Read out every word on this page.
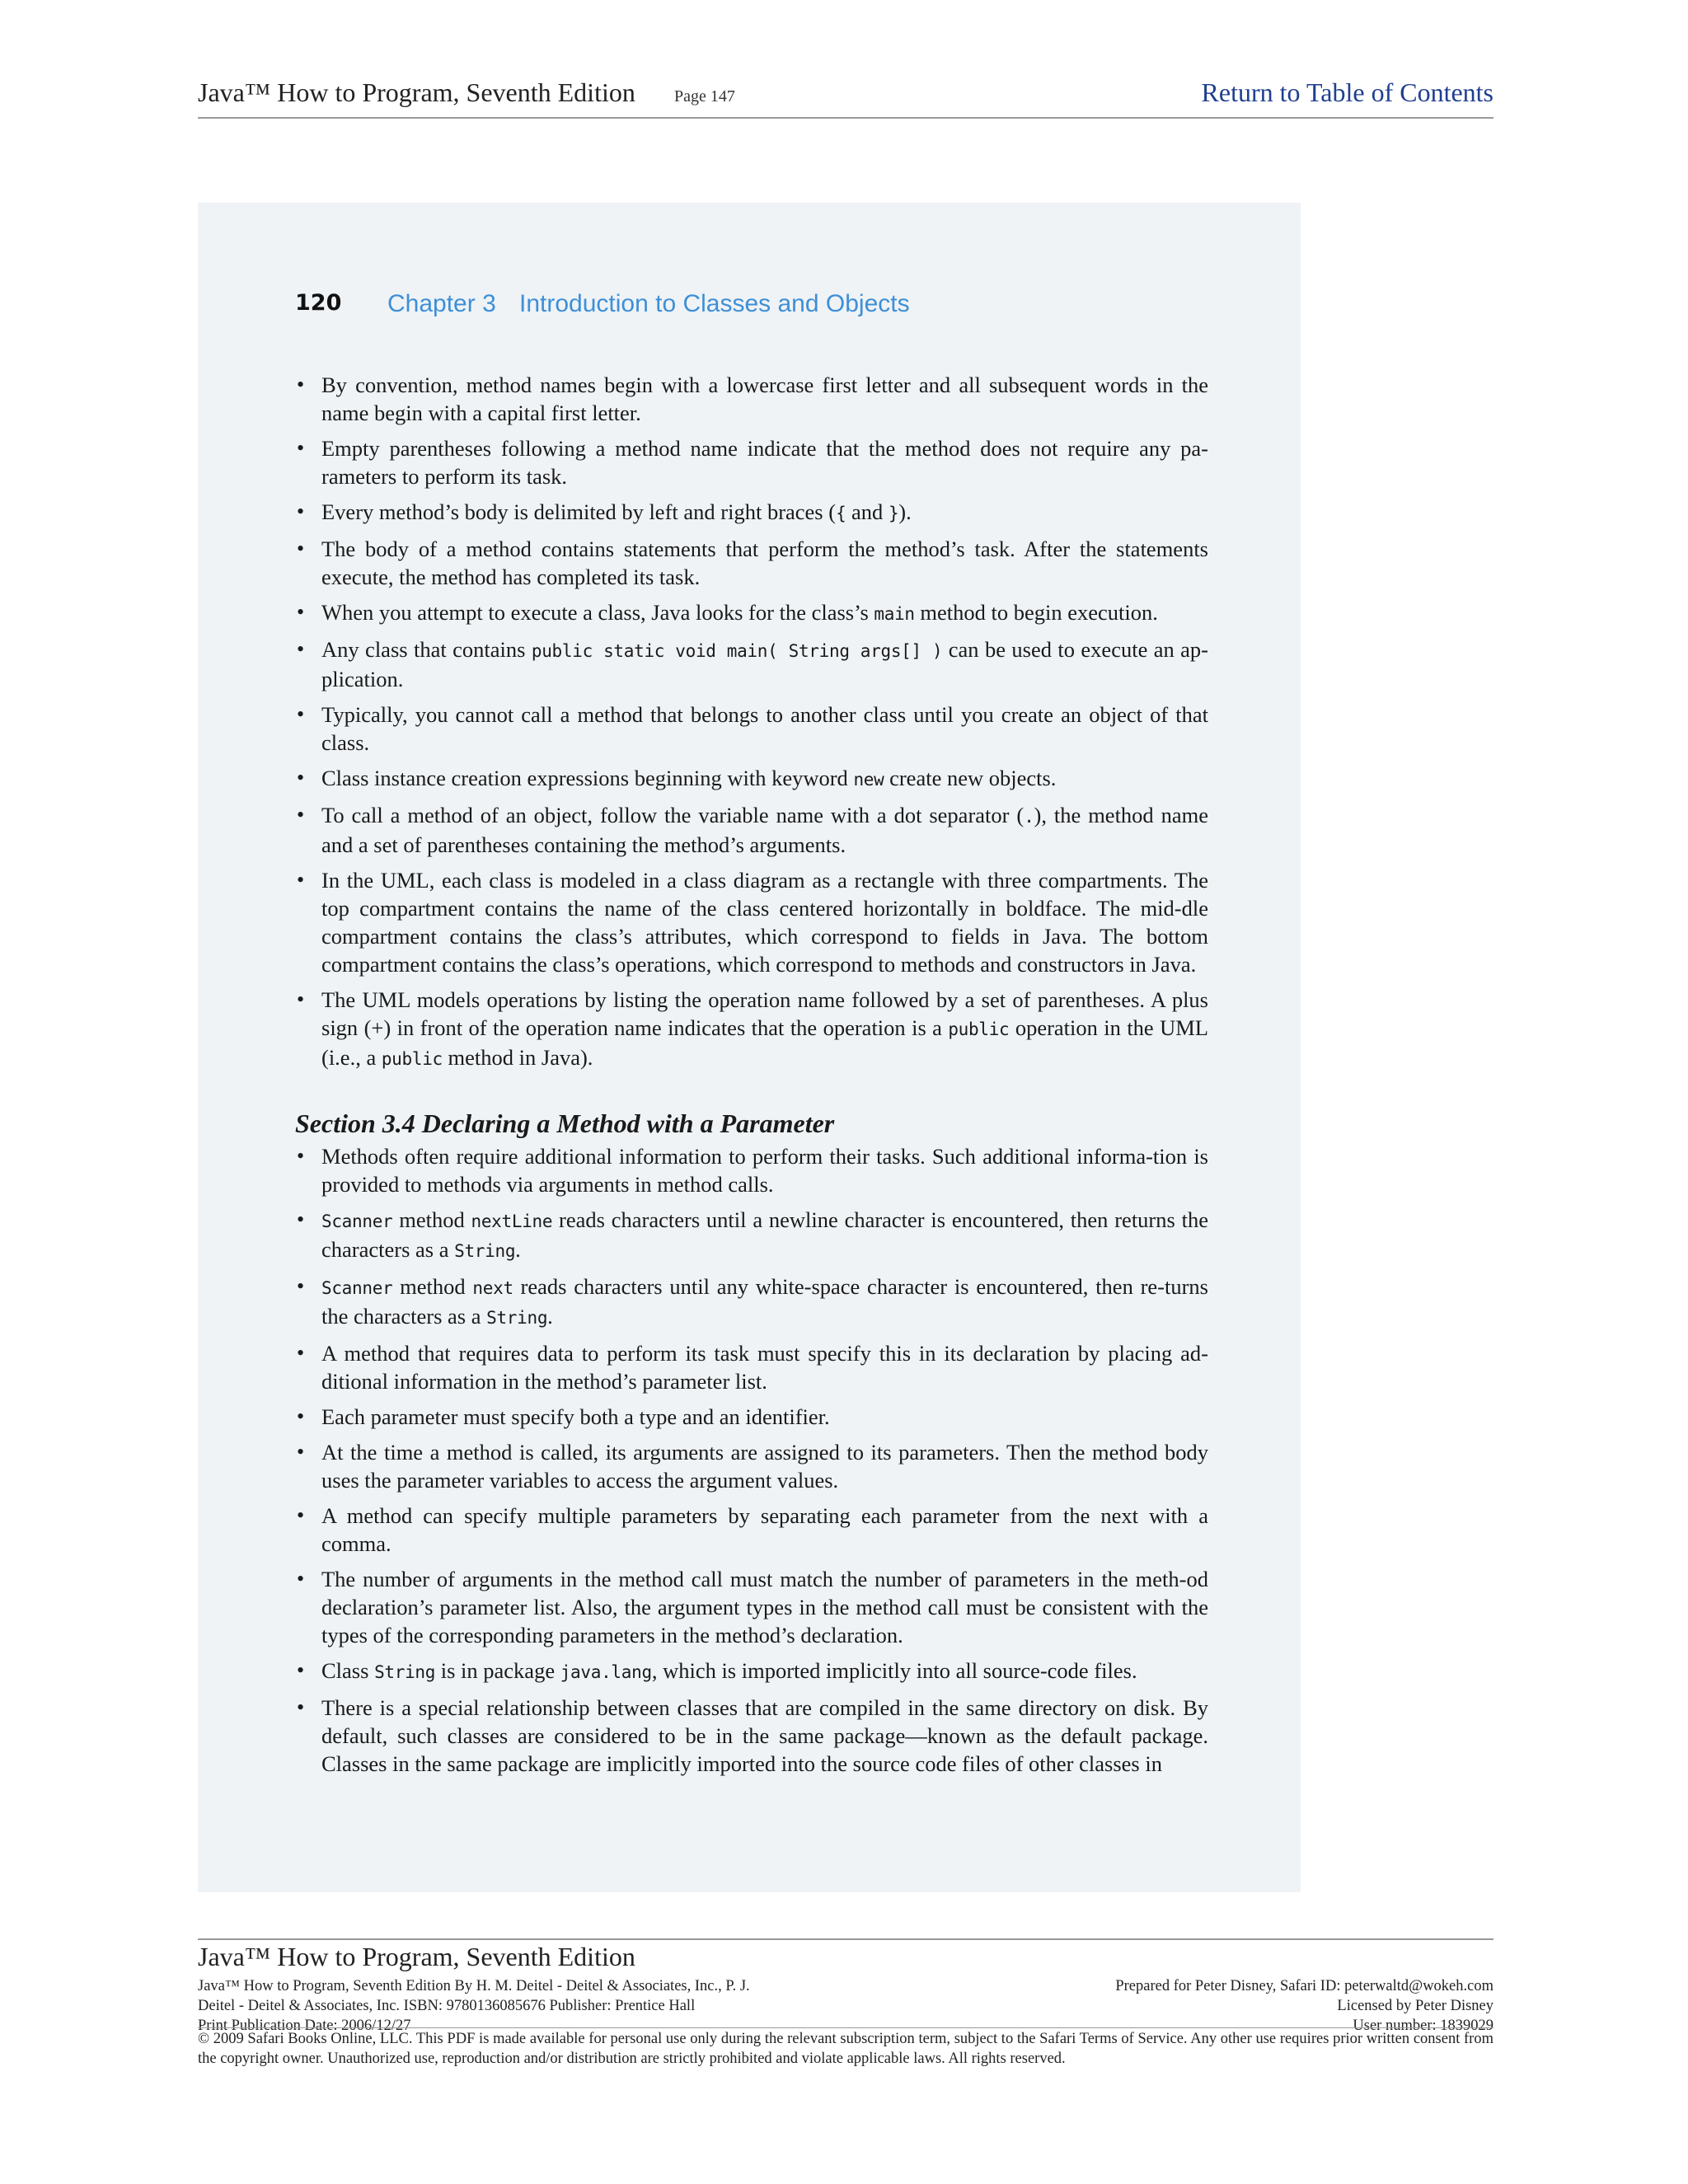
Java™ How to Program, Seventh Edition Page 147	Return to Table of Contents
120 Chapter 3 Introduction to Classes and Objects
• By convention, method names begin with a lowercase first letter and all subsequent words in the name begin with a capital first letter.
• Empty parentheses following a method name indicate that the method does not require any pa-rameters to perform its task.
• Every method’s body is delimited by left and right braces ({ and }).
• The body of a method contains statements that perform the method’s task. After the statements execute, the method has completed its task.
• When you attempt to execute a class, Java looks for the class’s main method to begin execution.
• Any class that contains public static void main( String args[] ) can be used to execute an ap-plication.
• Typically, you cannot call a method that belongs to another class until you create an object of that class.
• Class instance creation expressions beginning with keyword new create new objects.
• To call a method of an object, follow the variable name with a dot separator (.), the method name and a set of parentheses containing the method’s arguments.
• In the UML, each class is modeled in a class diagram as a rectangle with three compartments. The top compartment contains the name of the class centered horizontally in boldface. The mid-dle compartment contains the class’s attributes, which correspond to fields in Java. The bottom compartment contains the class’s operations, which correspond to methods and constructors in Java.
• The UML models operations by listing the operation name followed by a set of parentheses. A plus sign (+) in front of the operation name indicates that the operation is a public operation in the UML (i.e., a public method in Java).
Section 3.4 Declaring a Method with a Parameter
• Methods often require additional information to perform their tasks. Such additional informa-tion is provided to methods via arguments in method calls.
• Scanner method nextLine reads characters until a newline character is encountered, then returns the characters as a String.
• Scanner method next reads characters until any white-space character is encountered, then re-turns the characters as a String.
• A method that requires data to perform its task must specify this in its declaration by placing ad-ditional information in the method’s parameter list.
• Each parameter must specify both a type and an identifier.
• At the time a method is called, its arguments are assigned to its parameters. Then the method body uses the parameter variables to access the argument values.
• A method can specify multiple parameters by separating each parameter from the next with a comma.
• The number of arguments in the method call must match the number of parameters in the meth-od declaration’s parameter list. Also, the argument types in the method call must be consistent with the types of the corresponding parameters in the method’s declaration.
• Class String is in package java.lang, which is imported implicitly into all source-code files.
• There is a special relationship between classes that are compiled in the same directory on disk. By default, such classes are considered to be in the same package—known as the default package. Classes in the same package are implicitly imported into the source code files of other classes in
Java™ How to Program, Seventh Edition
Java™ How to Program, Seventh Edition By H. M. Deitel - Deitel & Associates, Inc., P. J.
Deitel - Deitel & Associates, Inc. ISBN: 9780136085676 Publisher: Prentice Hall
Print Publication Date: 2006/12/27
Prepared for Peter Disney, Safari ID: peterwaltd@wokeh.com
Licensed by Peter Disney
User number: 1839029
© 2009 Safari Books Online, LLC. This PDF is made available for personal use only during the relevant subscription term, subject to the Safari Terms of Service. Any other use requires prior written consent from the copyright owner. Unauthorized use, reproduction and/or distribution are strictly prohibited and violate applicable laws. All rights reserved.
